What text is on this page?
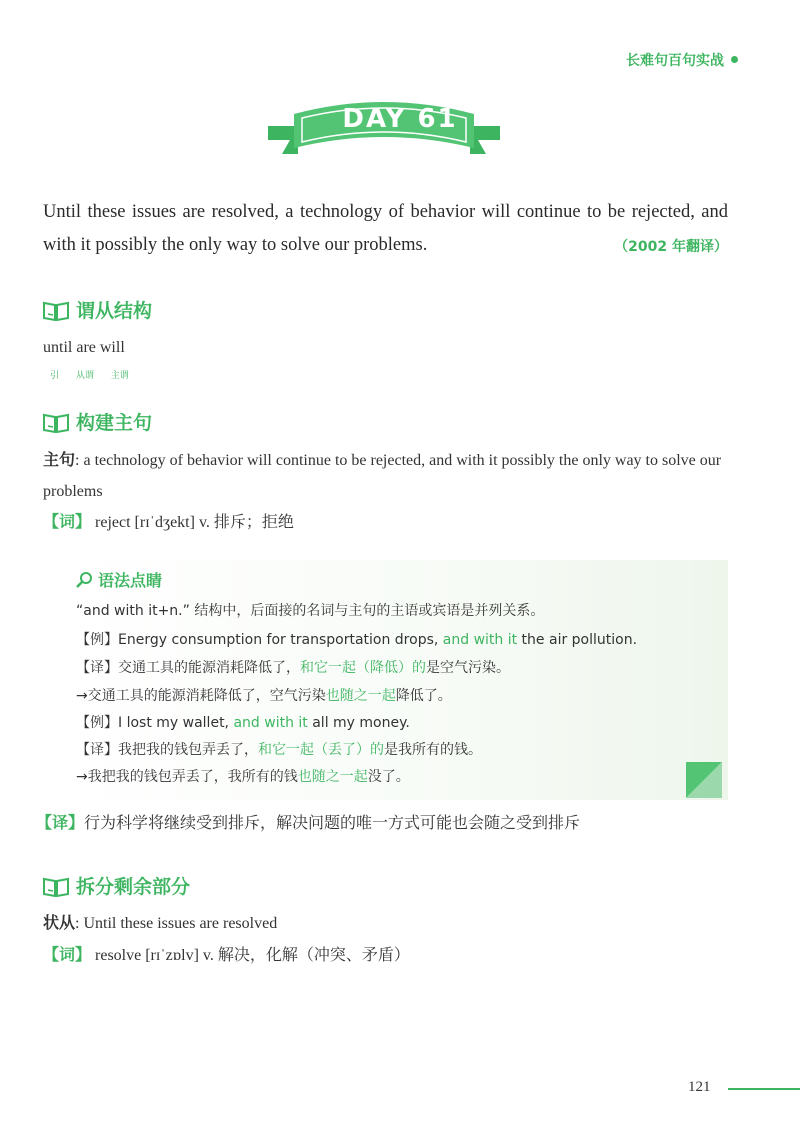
长难句百句实战
DAY 61
Until these issues are resolved, a technology of behavior will continue to be rejected, and with it possibly the only way to solve our problems.	（2002 年翻译）
谓从结构
until are will
引 从谓 主谓
构建主句
主句: a technology of behavior will continue to be rejected, and with it possibly the only way to solve our problems
【词】 reject [rɪˈdʒekt] v. 排斥；拒绝
语法点睛
“and with it+n.” 结构中，后面接的名词与主句的主语或宾语是并列关系。
【例】Energy consumption for transportation drops, and with it the air pollution.
【译】交通工具的能源消耗降低了，和它一起（降低）的是空气污染。
→交通工具的能源消耗降低了，空气污染也随之一起降低了。
【例】I lost my wallet, and with it all my money.
【译】我把我的钱包弄丢了，和它一起（丢了）的是我所有的钱。
→我把我的钱包弄丢了，我所有的钱也随之一起没了。
【译】行为科学将继续受到排斥，解决问题的唯一方式可能也会随之受到排斥
拆分剩余部分
状从: Until these issues are resolved
【词】 resolve [rɪˈzɒlv] v. 解决，化解（冲突、矛盾）
121
